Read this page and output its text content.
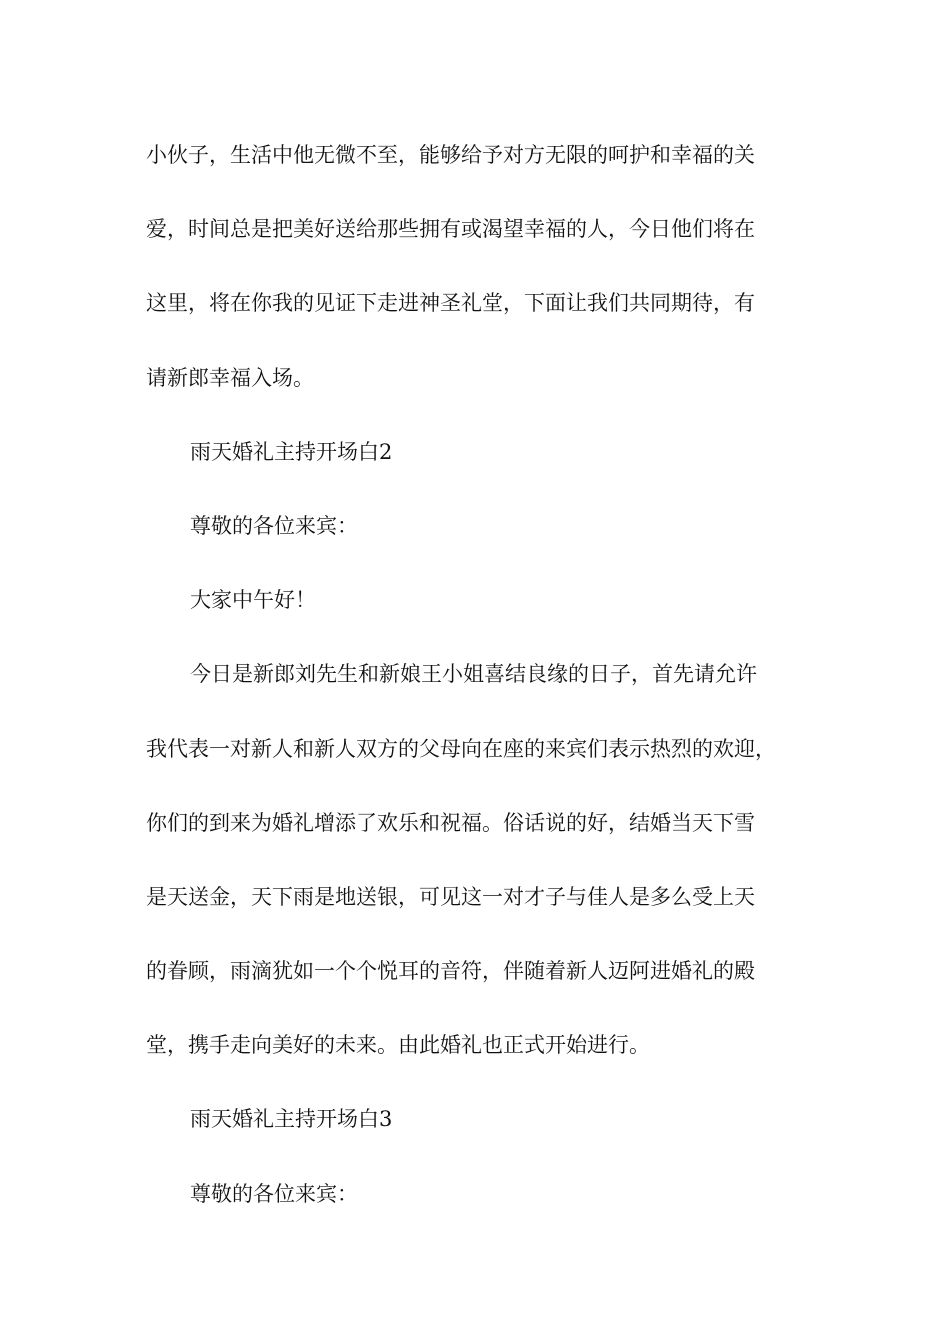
小伙子，生活中他无微不至，能够给予对方无限的呵护和幸福的关
爱，时间总是把美好送给那些拥有或渴望幸福的人，今日他们将在
这里，将在你我的见证下走进神圣礼堂，下面让我们共同期待，有
请新郎幸福入场。
雨天婚礼主持开场白2
尊敬的各位来宾：
大家中午好！
今日是新郎刘先生和新娘王小姐喜结良缘的日子，首先请允许
我代表一对新人和新人双方的父母向在座的来宾们表示热烈的欢迎，
你们的到来为婚礼增添了欢乐和祝福。俗话说的好，结婚当天下雪
是天送金，天下雨是地送银，可见这一对才子与佳人是多么受上天
的眷顾，雨滴犹如一个个悦耳的音符，伴随着新人迈阿进婚礼的殿
堂，携手走向美好的未来。由此婚礼也正式开始进行。
雨天婚礼主持开场白3
尊敬的各位来宾：
